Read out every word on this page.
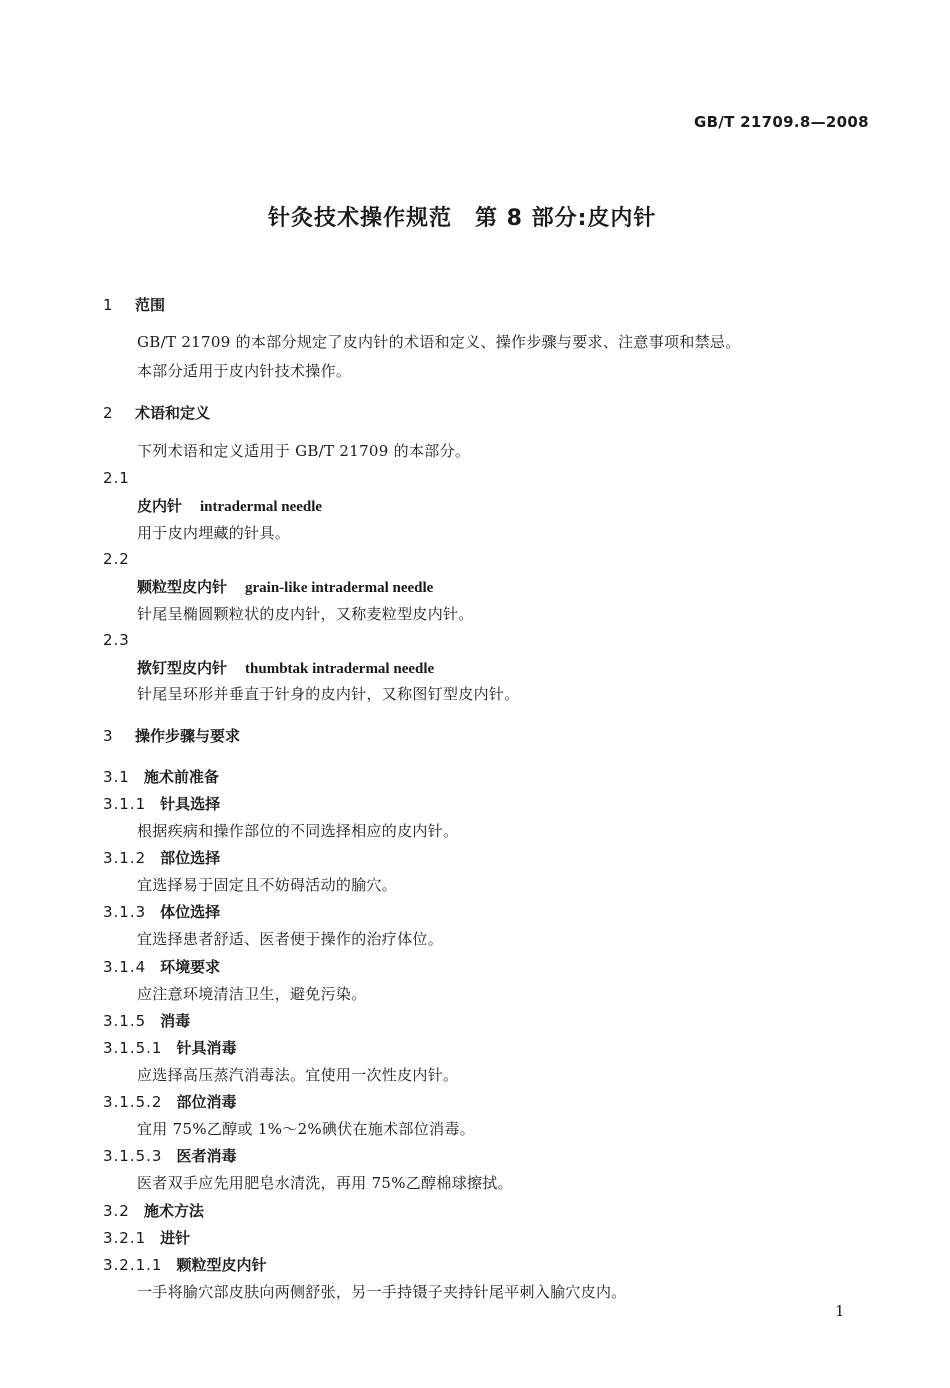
GB/T 21709.8—2008
针灸技术操作规范　第 8 部分:皮内针
1 范围
GB/T 21709 的本部分规定了皮内针的术语和定义、操作步骤与要求、注意事项和禁忌。
本部分适用于皮内针技术操作。
2 术语和定义
下列术语和定义适用于 GB/T 21709 的本部分。
2.1
皮内针 intradermal needle
用于皮内埋藏的针具。
2.2
颗粒型皮内针 grain-like intradermal needle
针尾呈椭圆颗粒状的皮内针，又称麦粒型皮内针。
2.3
揿钉型皮内针 thumbtak intradermal needle
针尾呈环形并垂直于针身的皮内针，又称图钉型皮内针。
3 操作步骤与要求
3.1 施术前准备
3.1.1 针具选择
根据疾病和操作部位的不同选择相应的皮内针。
3.1.2 部位选择
宜选择易于固定且不妨碍活动的腧穴。
3.1.3 体位选择
宜选择患者舒适、医者便于操作的治疗体位。
3.1.4 环境要求
应注意环境清洁卫生，避免污染。
3.1.5 消毒
3.1.5.1 针具消毒
应选择高压蒸汽消毒法。宜使用一次性皮内针。
3.1.5.2 部位消毒
宜用 75%乙醇或 1%～2%碘伏在施术部位消毒。
3.1.5.3 医者消毒
医者双手应先用肥皂水清洗，再用 75%乙醇棉球擦拭。
3.2 施术方法
3.2.1 进针
3.2.1.1 颗粒型皮内针
一手将腧穴部皮肤向两侧舒张，另一手持镊子夹持针尾平刺入腧穴皮内。
1
